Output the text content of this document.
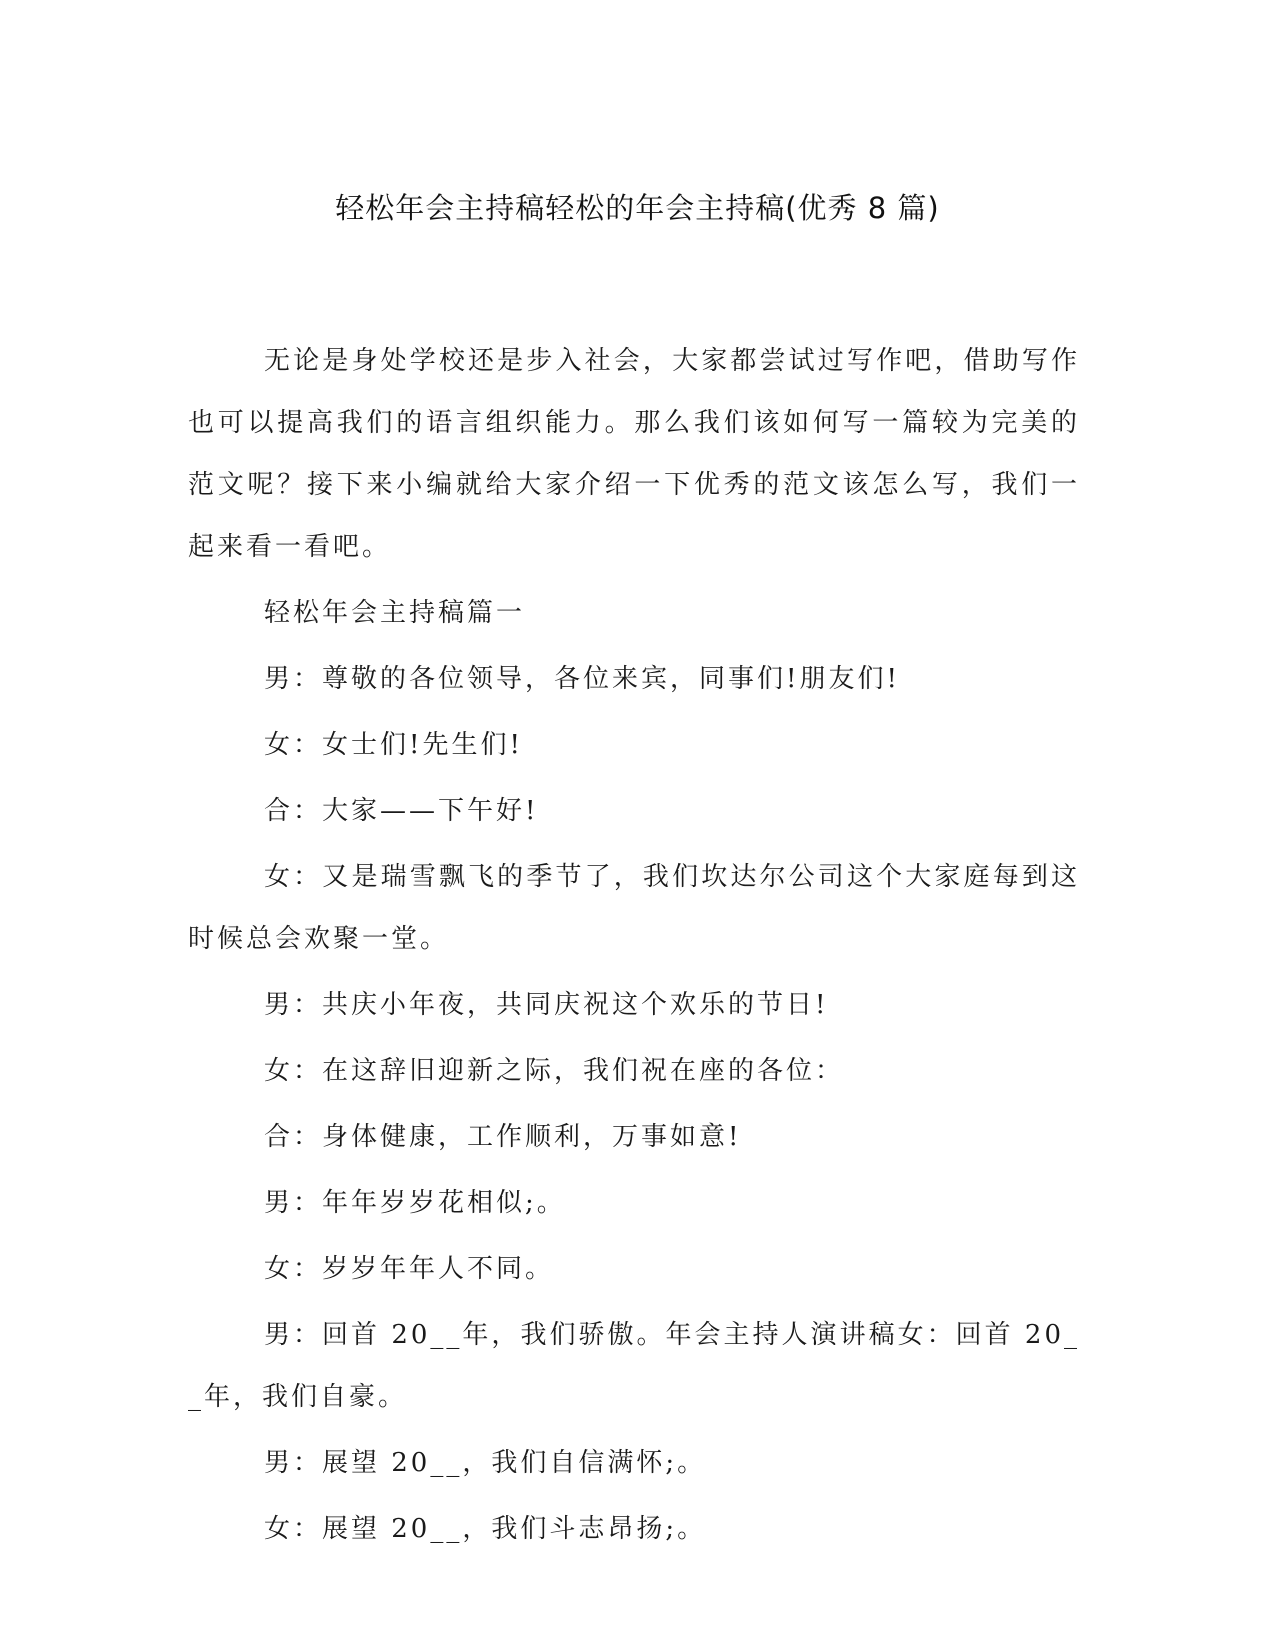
轻松年会主持稿轻松的年会主持稿(优秀 8 篇)

无论是身处学校还是步入社会，大家都尝试过写作吧，借助写作也可以提高我们的语言组织能力。那么我们该如何写一篇较为完美的范文呢？接下来小编就给大家介绍一下优秀的范文该怎么写，我们一起来看一看吧。

轻松年会主持稿篇一

男：尊敬的各位领导，各位来宾，同事们!朋友们!

女：女士们!先生们!

合：大家——下午好!

女：又是瑞雪飘飞的季节了，我们坎达尔公司这个大家庭每到这时候总会欢聚一堂。

男：共庆小年夜，共同庆祝这个欢乐的节日!

女：在这辞旧迎新之际，我们祝在座的各位：

合：身体健康，工作顺利，万事如意!

男：年年岁岁花相似;。

女：岁岁年年人不同。

男：回首 20__年，我们骄傲。年会主持人演讲稿女：回首 20__年，我们自豪。

男：展望 20__，我们自信满怀;。

女：展望 20__，我们斗志昂扬;。
